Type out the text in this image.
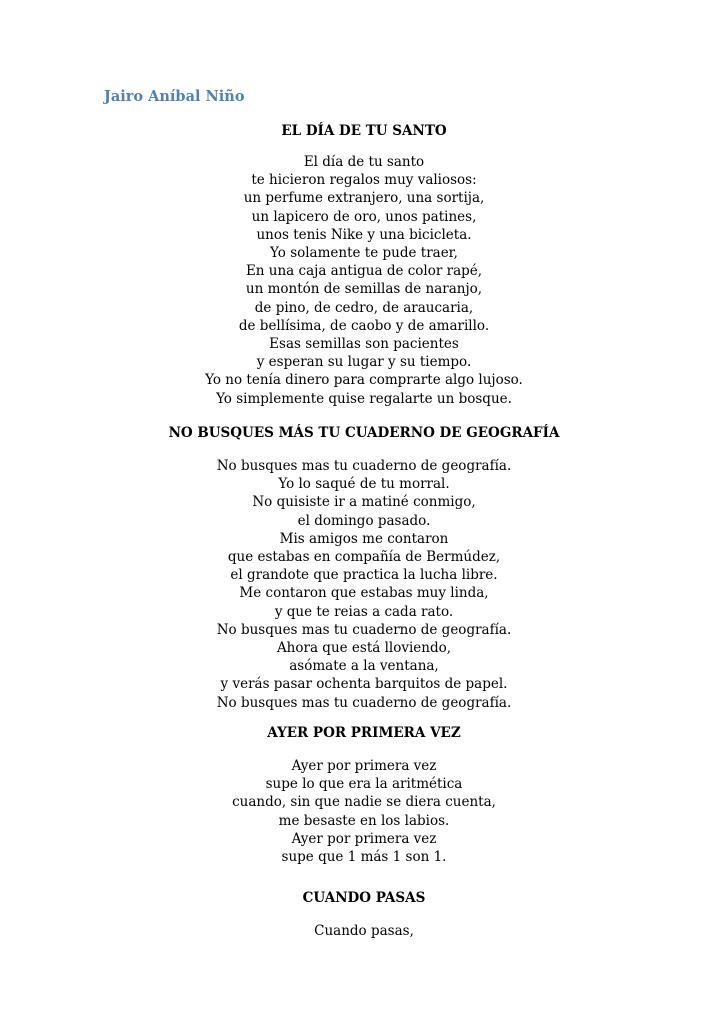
Jairo Aníbal Niño
EL DÍA DE TU SANTO
El día de tu santo
te hicieron regalos muy valiosos:
un perfume extranjero, una sortija,
un lapicero de oro, unos patines,
unos tenis Nike y una bicicleta.
Yo solamente te pude traer,
En una caja antigua de color rapé,
un montón de semillas de naranjo,
de pino, de cedro, de araucaria,
de bellísima, de caobo y de amarillo.
Esas semillas son pacientes
y esperan su lugar y su tiempo.
Yo no tenía dinero para comprarte algo lujoso.
Yo simplemente quise regalarte un bosque.
NO BUSQUES MÁS TU CUADERNO DE GEOGRAFÍA
No busques mas tu cuaderno de geografía.
Yo lo saqué de tu morral.
No quisiste ir a matiné conmigo,
el domingo pasado.
Mis amigos me contaron
que estabas en compañía de Bermúdez,
el grandote que practica la lucha libre.
Me contaron que estabas muy linda,
y que te reias a cada rato.
No busques mas tu cuaderno de geografía.
Ahora que está lloviendo,
asómate a la ventana,
y verás pasar ochenta barquitos de papel.
No busques mas tu cuaderno de geografía.
AYER POR PRIMERA VEZ
Ayer por primera vez
supe lo que era la aritmética
cuando, sin que nadie se diera cuenta,
me besaste en los labios.
Ayer por primera vez
supe que 1 más 1 son 1.
CUANDO PASAS
Cuando pasas,
